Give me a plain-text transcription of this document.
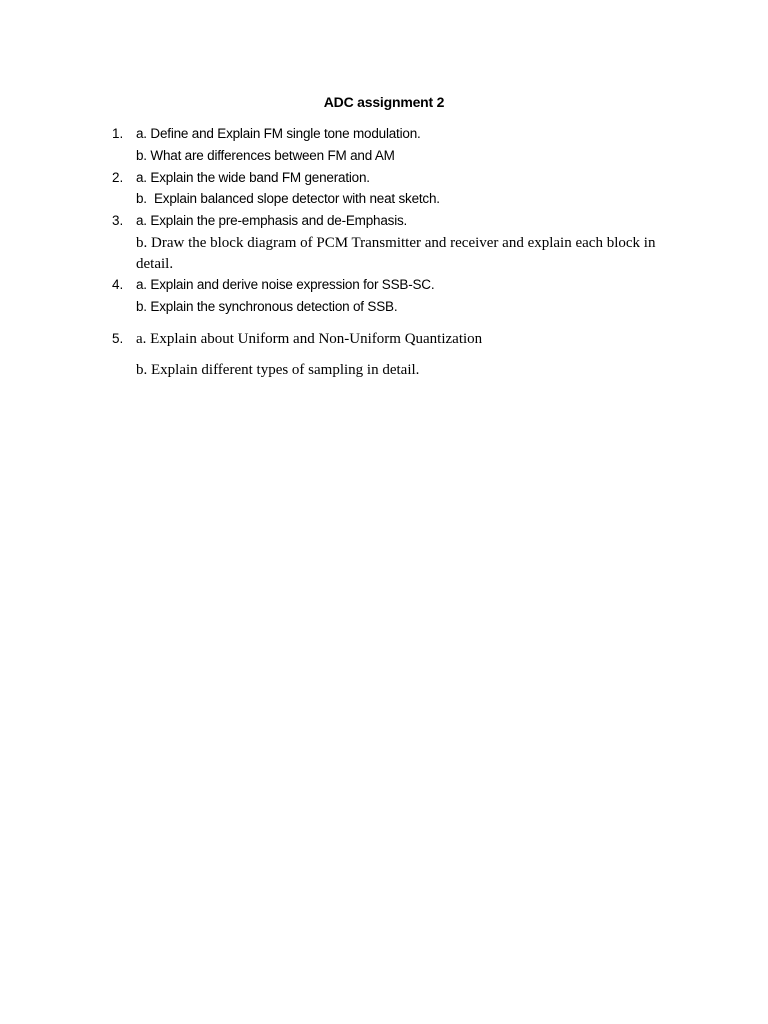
ADC assignment 2
1. a. Define and Explain FM single tone modulation.
b. What are differences between FM and AM
2. a. Explain the wide band FM generation.
b.  Explain balanced slope detector with neat sketch.
3. a. Explain the pre-emphasis and de-Emphasis.
b. Draw the block diagram of PCM Transmitter and receiver and explain each block in detail.
4. a. Explain and derive noise expression for SSB-SC.
b. Explain the synchronous detection of SSB.
5. a. Explain about Uniform and Non-Uniform Quantization
b. Explain different types of sampling in detail.
